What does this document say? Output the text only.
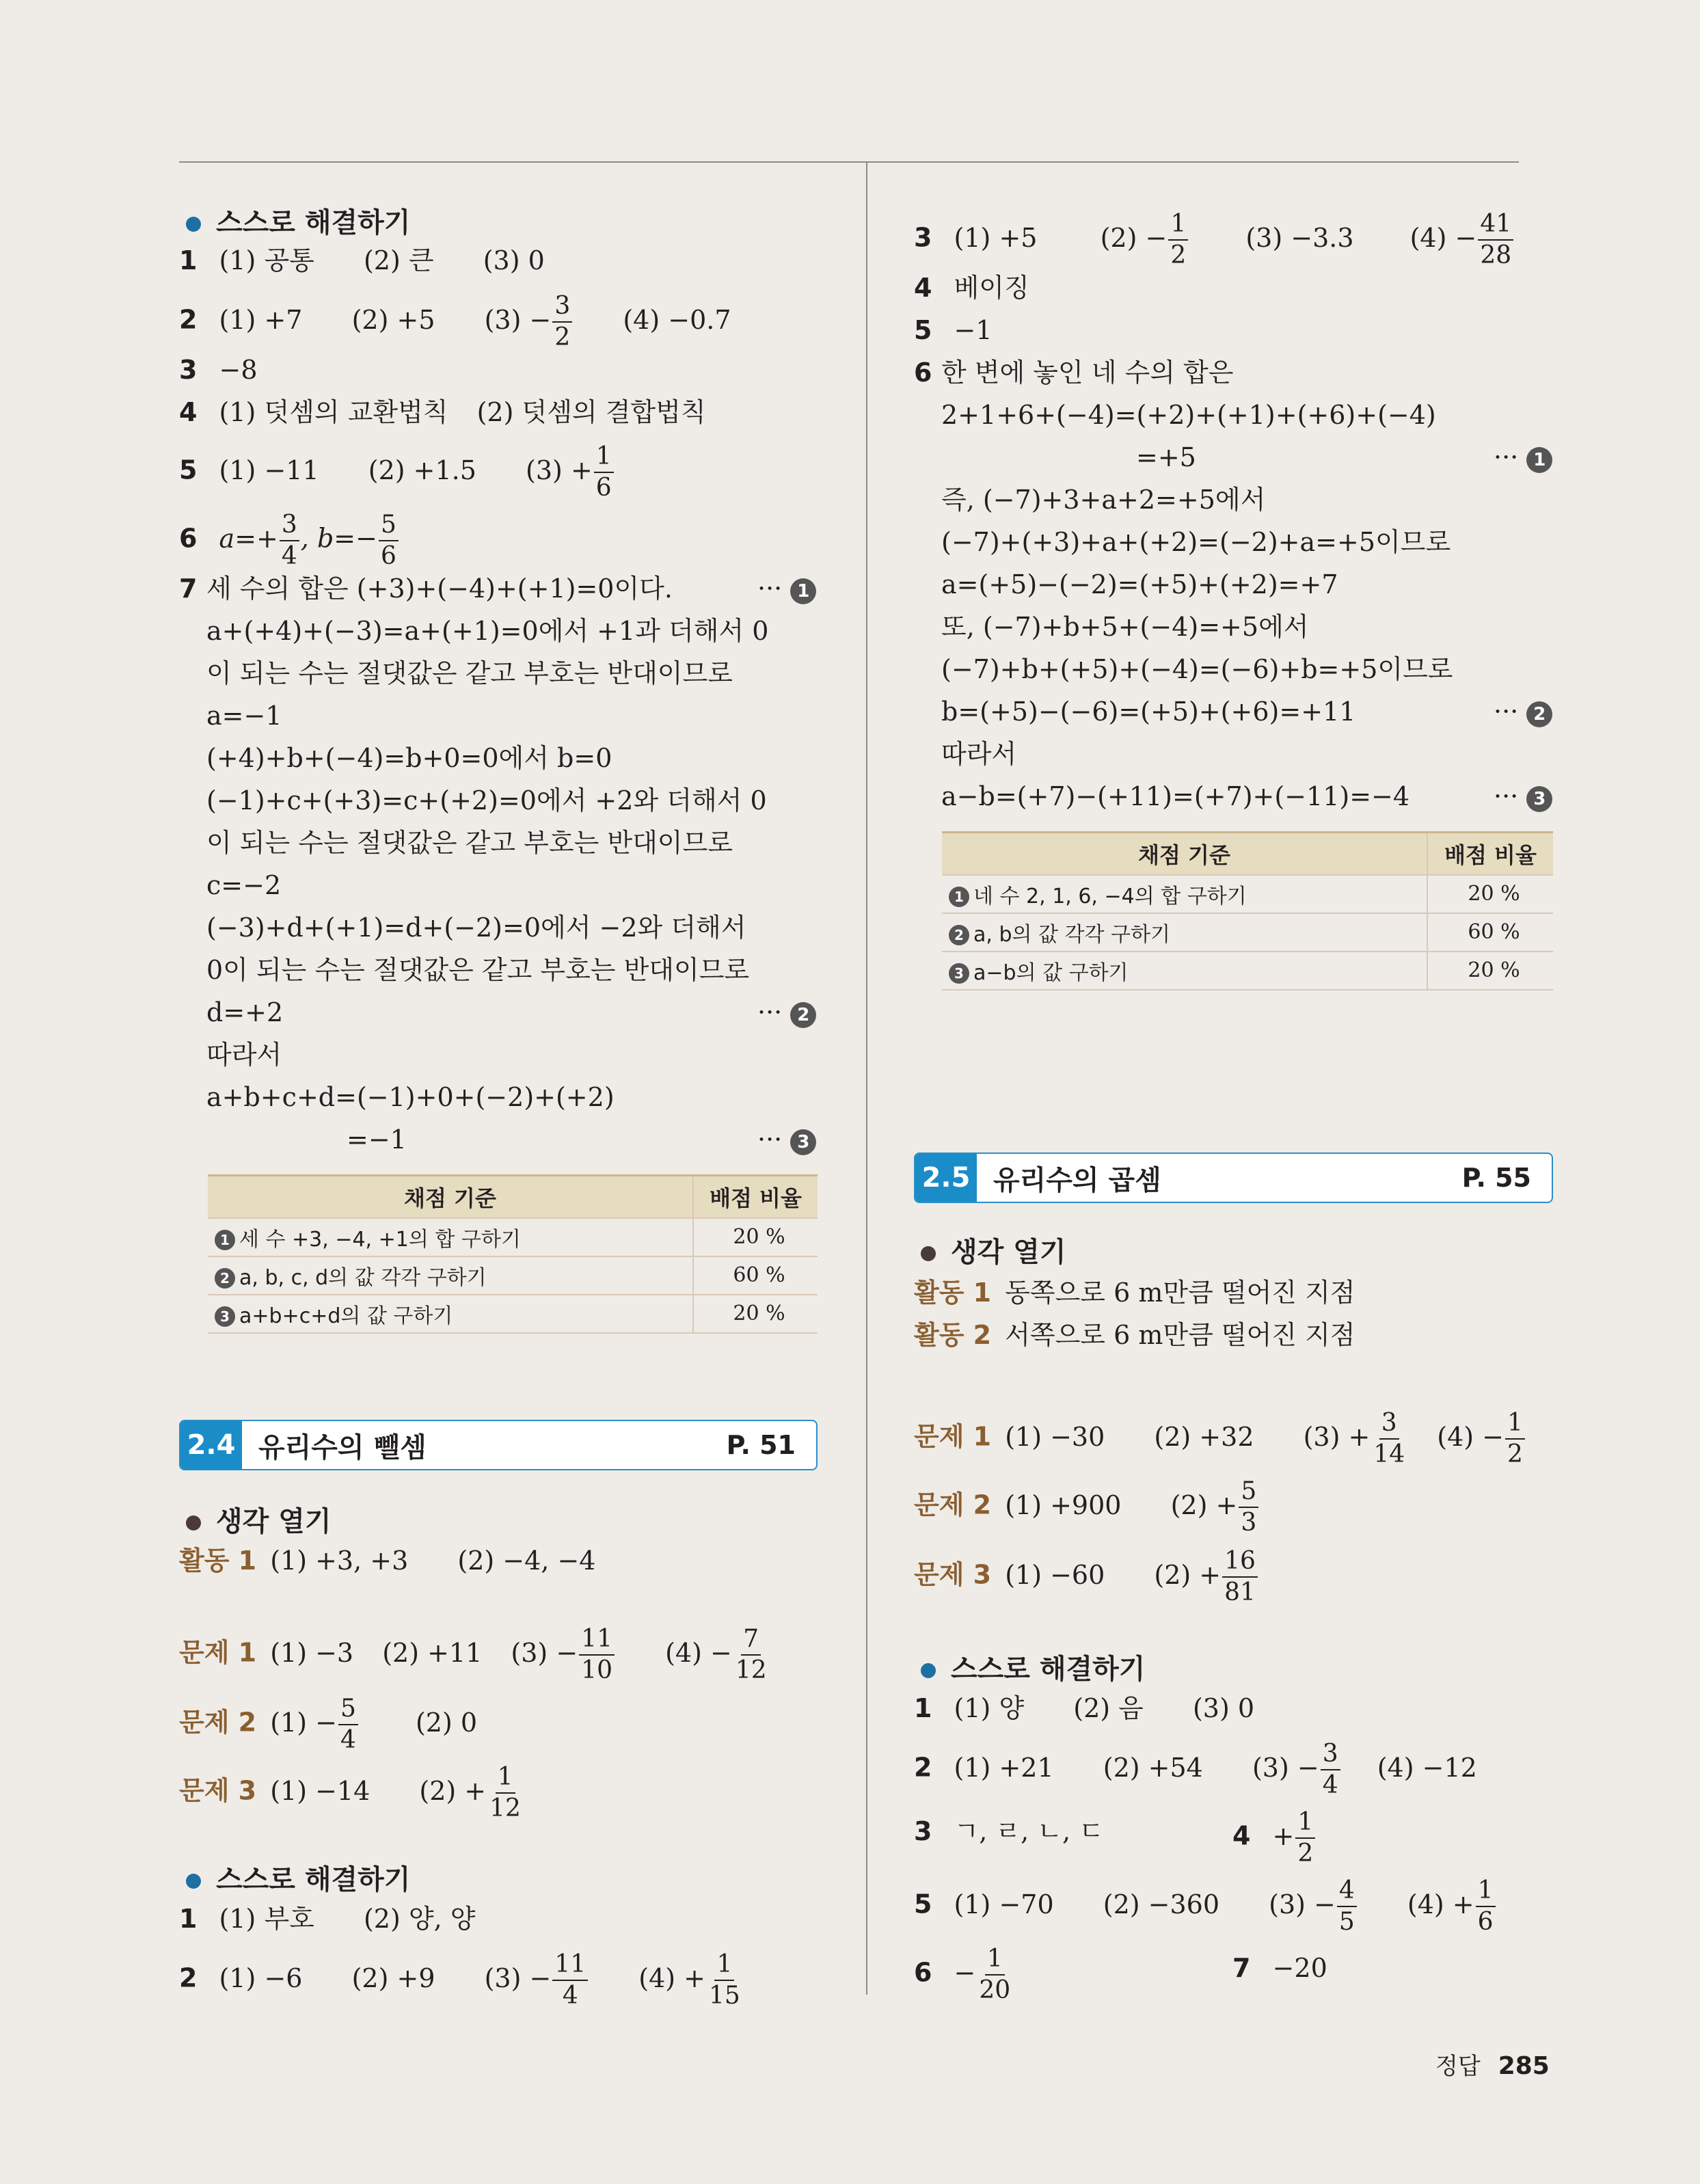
스스로 해결하기
1 (1) 공통 (2) 큰 (3) 0
2 (1) +7 (2) +5 $(3) - \frac{3}{2} (4) -0.7$
3 −8
4 (1) 덧셈의 교환법칙 (2) 덧셈의 결합법칙
5 (1) −11 (2) +1.5 $(3) + \frac{1}{6}$
6 $a=+ \frac{3}{4}$ , $b=- \frac{5}{6}$
7 세 수의 합은 (+3)+(−4)+(+1)=0이다.
a+(+4)+(−3)=a+(+1)=0에서 +1과 더해서 0
이 되는 수는 절댓값은 같고 부호는 반대이므로
a=−1
(+4)+b+(−4)=b+0=0에서 b=0
(−1)+c+(+3)=c+(+2)=0에서 +2와 더해서 0
이 되는 수는 절댓값은 같고 부호는 반대이므로
c=−2
(−3)+d+(+1)=d+(−2)=0에서 −2와 더해서
0이 되는 수는 절댓값은 같고 부호는 반대이므로
d=+2
따라서
a+b+c+d=(−1)+0+(−2)+(+2)
=−1
··· 1
··· 2
··· 3
채점 기준	배점 비율
1 세 수 +3, −4, +1의 합 구하기	20 %
2 a, b, c, d의 값 각각 구하기	60 %
3 a+b+c+d의 값 구하기	20 %
2.4 유리수의 뺄셈	P. 51
생각 열기
활동 1 (1) +3, +3 (2) −4, −4
문제 1 (1) −3 (2) +11 $(3) - \frac{11}{10} (4) - \frac{7}{12}$
문제 2 $(1) - \frac{5}{4} (2)$ 0
문제 3 (1) −14 $(2) + \frac{1}{12}$
스스로 해결하기
1 (1) 부호 (2) 양, 양
2 (1) −6 (2) +9 $(3) - \frac{11}{4} (4) + \frac{1}{15}$
3 (1) +5 $(2) - \frac{1}{2} (3) -3.3$ $(4) - \frac{41}{28}$
4 베이징
5 −1
6 한 변에 놓인 네 수의 합은
2+1+6+(−4)=(+2)+(+1)+(+6)+(−4)
=+5
즉, (−7)+3+a+2=+5에서
(−7)+(+3)+a+(+2)=(−2)+a=+5이므로
a=(+5)−(−2)=(+5)+(+2)=+7
또, (−7)+b+5+(−4)=+5에서
(−7)+b+(+5)+(−4)=(−6)+b=+5이므로
b=(+5)−(−6)=(+5)+(+6)=+11
따라서
a−b=(+7)−(+11)=(+7)+(−11)=−4
··· 1
··· 2
··· 3
채점 기준	배점 비율
1 네 수 2, 1, 6, −4의 합 구하기	20 %
2 a, b의 값 각각 구하기	60 %
3 a−b의 값 구하기	20 %
2.5 유리수의 곱셈	P. 55
생각 열기
활동 1 동쪽으로 6 m만큼 떨어진 지점
활동 2 서쪽으로 6 m만큼 떨어진 지점
문제 1 (1) −30 (2) +32 $(3) + \frac{3}{14} (4) - \frac{1}{2}$
문제 2 (1) +900 $(2) + \frac{5}{3}$
문제 3 (1) −60 $(2) + \frac{16}{81}$
스스로 해결하기
1 (1) 양 (2) 음 (3) 0
2 (1) +21 (2) +54 $(3) - \frac{3}{4} (4) -12$
3 ㄱ, ㄹ, ㄴ, ㄷ	$4 + \frac{1}{2}$
5 (1) −70 (2) −360 $(3) - \frac{4}{5} (4) + \frac{1}{6}$
$6 - \frac{1}{20}$	7 −20
정답 285
